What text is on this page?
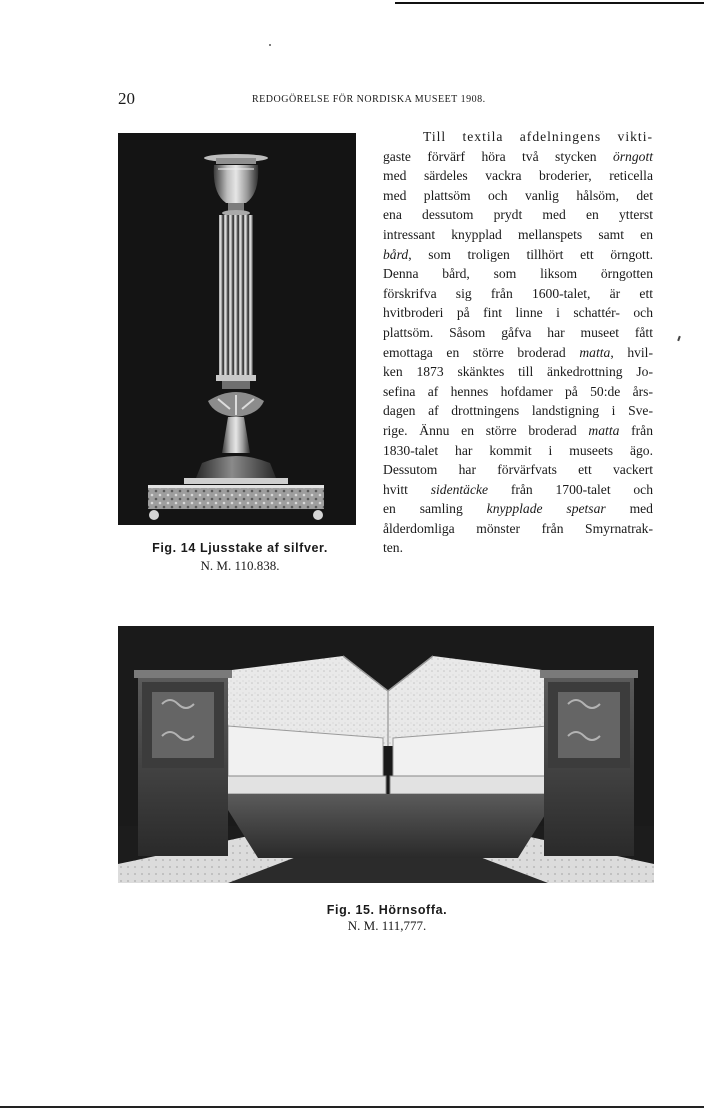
20	REDOGÖRELSE FÖR NORDISKA MUSEET 1908.
Fig. 14 Ljusstake af silfver.
N. M. 110.838.

Till textila afdelningens vikti-
gaste förvärf höra två stycken örngott
med särdeles vackra broderier, reticella
med plattsöm och vanlig hålsöm, det
ena dessutom prydt med en ytterst
intressant knypplad mellanspets samt en
bård, som troligen tillhört ett örngott.
Denna bård, som liksom örngotten
förskrifva sig från 1600-talet, är ett
hvitbroderi på fint linne i schattér- och
plattsöm. Såsom gåfva har museet fått
emottaga en större broderad matta, hvil-
ken 1873 skänktes till änkedrottning Jo-
sefina af hennes hofdamer på 50:de års-
dagen af drottningens landstigning i Sve-
rige. Ännu en större broderad matta från
1830-talet har kommit i museets ägo.
Dessutom har förvärfvats ett vackert
hvitt sidentäcke från 1700-talet och
en samling knypplade spetsar med
ålderdomliga mönster från Smyrnatrak-
ten.

Fig. 15. Hörnsoffa.
N. M. 111,777.
